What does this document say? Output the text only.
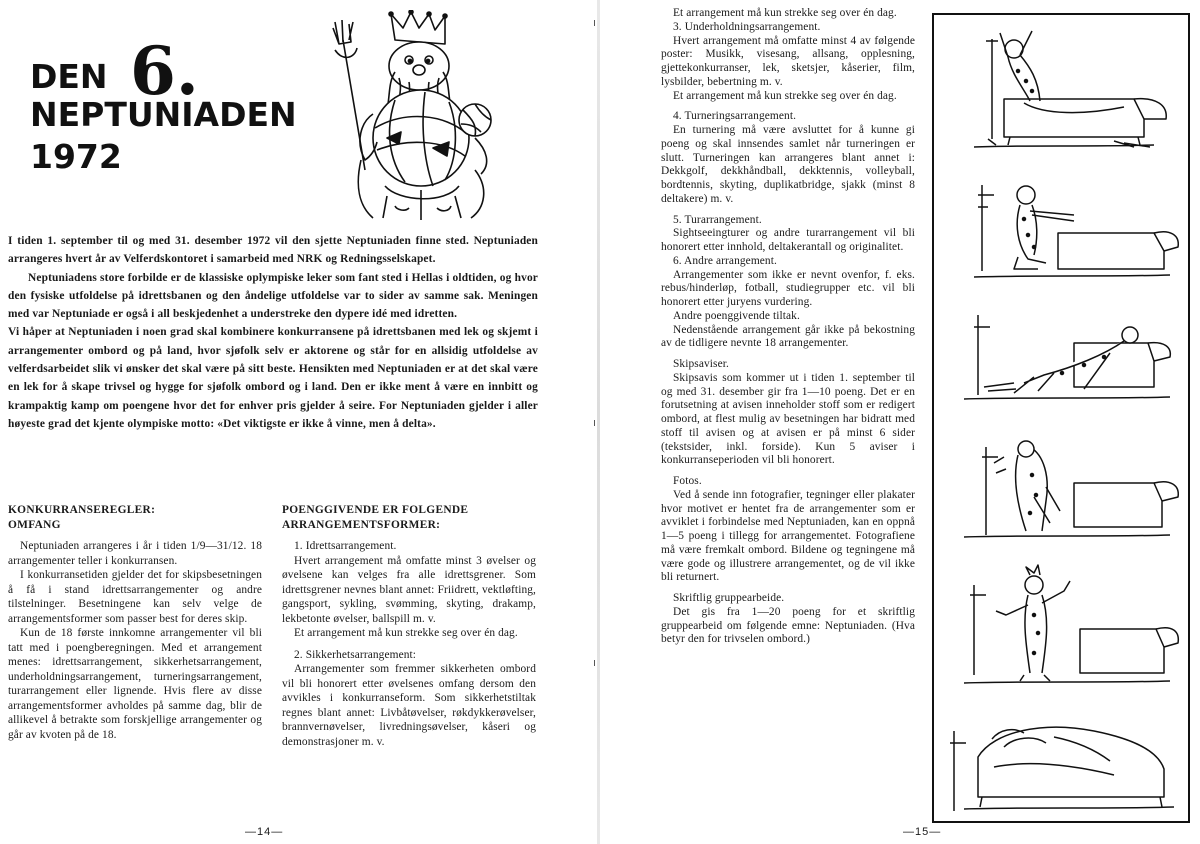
DEN 6.
NEPTUNIADEN
1972

I tiden 1. september til og med 31. desember 1972 vil den sjette Neptuniaden finne sted. Neptuniaden arrangeres hvert år av Velferdskontoret i samarbeid med NRK og Redningsselskapet.

Neptuniadens store forbilde er de klassiske oplympiske leker som fant sted i Hellas i oldtiden, og hvor den fysiske utfoldelse på idrettsbanen og den åndelige utfoldelse var to sider av samme sak. Meningen med var Neptuniade er også i all beskjedenhet a understreke den dypere idé med idretten.

Vi håper at Neptuniaden i noen grad skal kombinere konkurransene på idrettsbanen med lek og skjemt i arrangementer ombord og på land, hvor sjøfolk selv er aktorene og står for en allsidig utfoldelse av velferdsarbeidet slik vi ønsker det skal være på sitt beste. Hensikten med Neptuniaden er at det skal være en lek for å skape trivsel og hygge for sjøfolk ombord og i land. Den er ikke ment å være en innbitt og krampaktig kamp om poengene hvor det for enhver pris gjelder å seire. For Neptuniaden gjelder i aller høyeste grad det kjente olympiske motto: «Det viktigste er ikke å vinne, men å delta».

KONKURRANSEREGLER:

OMFANG

Neptuniaden arrangeres i år i tiden 1/9—31/12. 18 arrangementer teller i konkurransen.

I konkurransetiden gjelder det for skipsbesetningen å få i stand idrettsarrangementer og andre tilstelninger. Besetningene kan selv velge de arrangementsformer som passer best for deres skip.

Kun de 18 første innkomne arrangementer vil bli tatt med i poengberegningen. Med et arrangement menes: idrettsarrangement, sikkerhetsarrangement, underholdningsarrangement, turneringsarrangement, turarrangement eller lignende. Hvis flere av disse arrangementsformer avholdes på samme dag, blir de allikevel å betrakte som forskjellige arrangementer og går av kvoten på de 18.

POENGGIVENDE ER FOLGENDE ARRANGEMENTSFORMER:

1. Idrettsarrangement.

Hvert arrangement må omfatte minst 3 øvelser og øvelsene kan velges fra alle idrettsgrener. Som idrettsgrener nevnes blant annet: Friidrett, vektløfting, gangsport, sykling, svømming, skyting, drakamp, lekbetonte øvelser, ballspill m. v.

Et arrangement må kun strekke seg over én dag.

2. Sikkerhetsarrangement:

Arrangementer som fremmer sikkerheten ombord vil bli honorert etter øvelsenes omfang dersom den avvikles i konkurranseform. Som sikkerhetstiltak regnes blant annet: Livbåtøvelser, røkdykkerøvelser, brannvernøvelser, livredningsøvelser, kåseri og demonstrasjoner m. v.

—14—

Et arrangement må kun strekke seg over én dag.

3. Underholdningsarrangement.

Hvert arrangement må omfatte minst 4 av følgende poster: Musikk, visesang, allsang, opplesning, gjettekonkurranser, lek, sketsjer, kåserier, film, lysbilder, bebertning m. v.

Et arrangement må kun strekke seg over én dag.

4. Turneringsarrangement.

En turnering må være avsluttet for å kunne gi poeng og skal innsendes samlet når turneringen er slutt. Turneringen kan arrangeres blant annet i: Dekkgolf, dekkhåndball, dekktennis, volleyball, bordtennis, skyting, duplikatbridge, sjakk (minst 8 deltakere) m. v.

5. Turarrangement.

Sightseeingturer og andre turarrangement vil bli honorert etter innhold, deltakerantall og originalitet.

6. Andre arrangement.

Arrangementer som ikke er nevnt ovenfor, f. eks. rebus/hinderløp, fotball, studiegrupper etc. vil bli honorert etter juryens vurdering.

Andre poenggivende tiltak.

Nedenstående arrangement går ikke på bekostning av de tidligere nevnte 18 arrangementer.

Skipsaviser.

Skipsavis som kommer ut i tiden 1. september til og med 31. desember gir fra 1—10 poeng. Det er en forutsetning at avisen inneholder stoff som er redigert ombord, at flest mulig av besetningen har bidratt med stoff til avisen og at avisen er på minst 6 sider (tekstsider, inkl. forside). Kun 5 aviser i konkurranseperioden vil bli honorert.

Fotos.

Ved å sende inn fotografier, tegninger eller plakater hvor motivet er hentet fra de arrangementer som er avviklet i forbindelse med Neptuniaden, kan en oppnå 1—5 poeng i tillegg for arrangementet. Fotografiene må være fremkalt ombord. Bildene og tegningene må være gode og illustrere arrangementet, og de vil ikke bli returnert.

Skriftlig gruppearbeide.

Det gis fra 1—20 poeng for et skriftlig gruppearbeid om følgende emne: Neptuniaden. (Hva betyr den for trivselen ombord.)

—15—
